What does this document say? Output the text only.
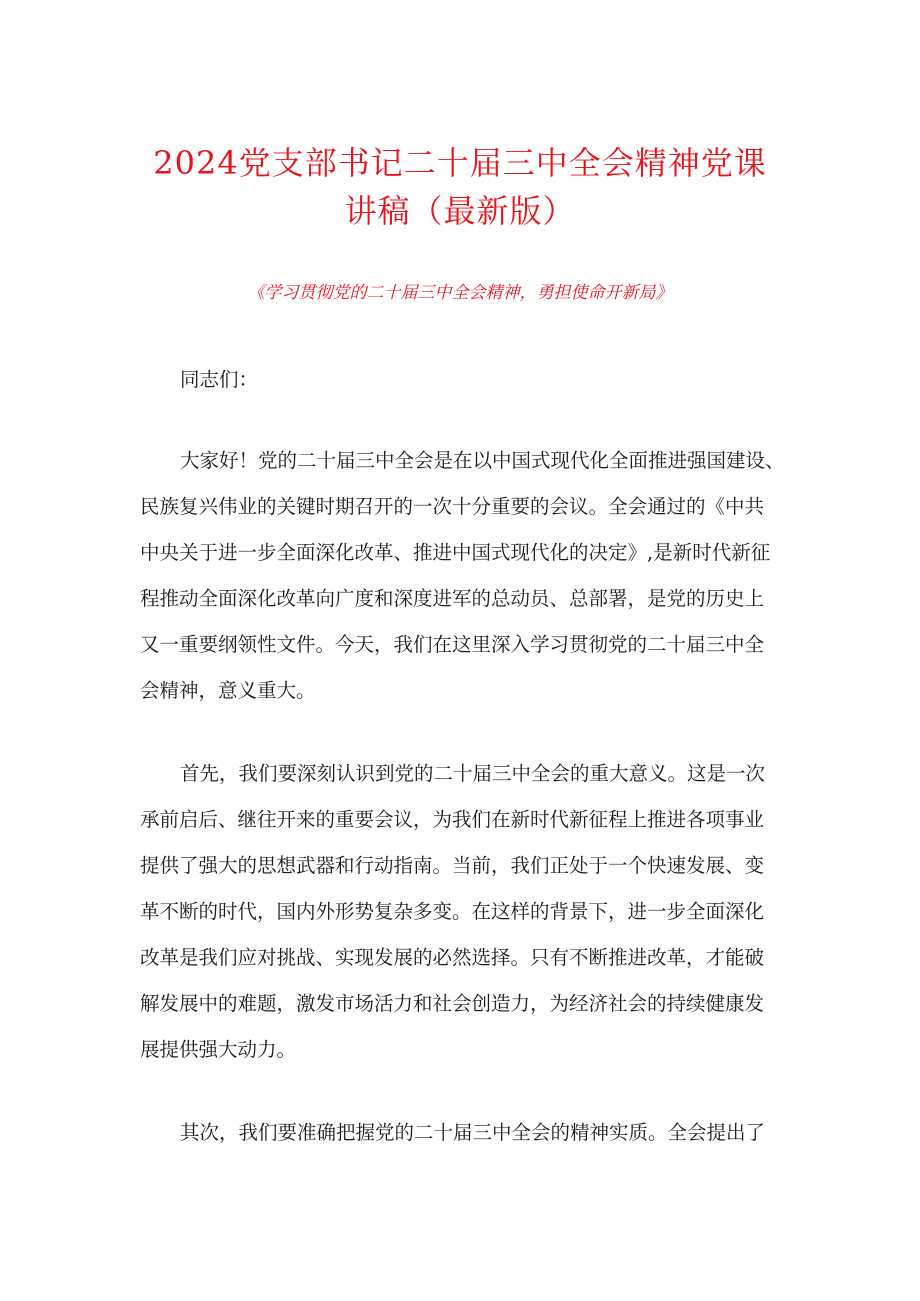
2024党支部书记二十届三中全会精神党课
讲稿（最新版）
《学习贯彻党的二十届三中全会精神，勇担使命开新局》
同志们：
大家好！党的二十届三中全会是在以中国式现代化全面推进强国建设、
民族复兴伟业的关键时期召开的一次十分重要的会议。全会通过的《中共
中央关于进一步全面深化改革、推进中国式现代化的决定》,是新时代新征
程推动全面深化改革向广度和深度进军的总动员、总部署，是党的历史上
又一重要纲领性文件。今天，我们在这里深入学习贯彻党的二十届三中全
会精神，意义重大。
首先，我们要深刻认识到党的二十届三中全会的重大意义。这是一次
承前启后、继往开来的重要会议，为我们在新时代新征程上推进各项事业
提供了强大的思想武器和行动指南。当前，我们正处于一个快速发展、变
革不断的时代，国内外形势复杂多变。在这样的背景下，进一步全面深化
改革是我们应对挑战、实现发展的必然选择。只有不断推进改革，才能破
解发展中的难题，激发市场活力和社会创造力，为经济社会的持续健康发
展提供强大动力。
其次，我们要准确把握党的二十届三中全会的精神实质。全会提出了
